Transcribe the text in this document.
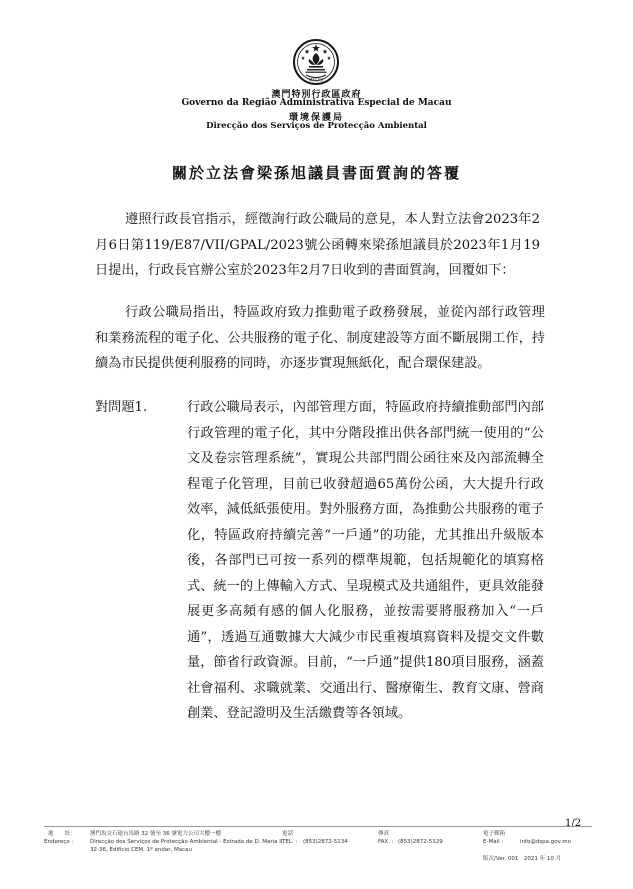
MACAU
澳門特別行政區政府
Governo da Região Administrativa Especial de Macau
環境保護局
Direcção dos Serviços de Protecção Ambiental
關於立法會梁孫旭議員書面質詢的答覆

遵照行政長官指示，經徵詢行政公職局的意見，本人對立法會2023年2月6日第119/E87/VII/GPAL/2023號公函轉來梁孫旭議員於2023年1月19日提出，行政長官辦公室於2023年2月7日收到的書面質詢，回覆如下：

行政公職局指出，特區政府致力推動電子政務發展，並從內部行政管理和業務流程的電子化、公共服務的電子化、制度建設等方面不斷展開工作，持續為市民提供便利服務的同時，亦逐步實現無紙化，配合環保建設。

對問題1.	行政公職局表示，內部管理方面，特區政府持續推動部門內部行政管理的電子化，其中分階段推出供各部門統一使用的“公文及卷宗管理系統”，實現公共部門間公函往來及內部流轉全程電子化管理，目前已收發超過65萬份公函，大大提升行政效率，減低紙張使用。對外服務方面，為推動公共服務的電子化，特區政府持續完善“一戶通”的功能，尤其推出升級版本後，各部門已可按一系列的標準規範，包括規範化的填寫格式、統一的上傳輸入方式、呈現模式及共通組件，更具效能發展更多高頻有感的個人化服務，並按需要將服務加入“一戶通”，透過互通數據大大減少市民重複填寫資料及提交文件數量，節省行政資源。目前，“一戶通”提供180項目服務，涵蓋社會福利、求職就業、交通出行、醫療衛生、教育文康、營商創業、登記證明及生活繳費等各領域。

1/2
地　　址：
Endereço ：
澳門馬交石砲台馬路 32 號至 36 號電力公司大樓一樓
Direcção dos Serviços de Protecção Ambiental - Estrada de D. Maria II,
32-36, Edifício CEM, 1º andar, Macau
電話
TEL. : (853)2872-5134
傳真
FAX. : (853)2872-5129
電子郵箱
E-Mail :	info@dspa.gov.mo
版次/Ver. 001　2021 年 10 月
